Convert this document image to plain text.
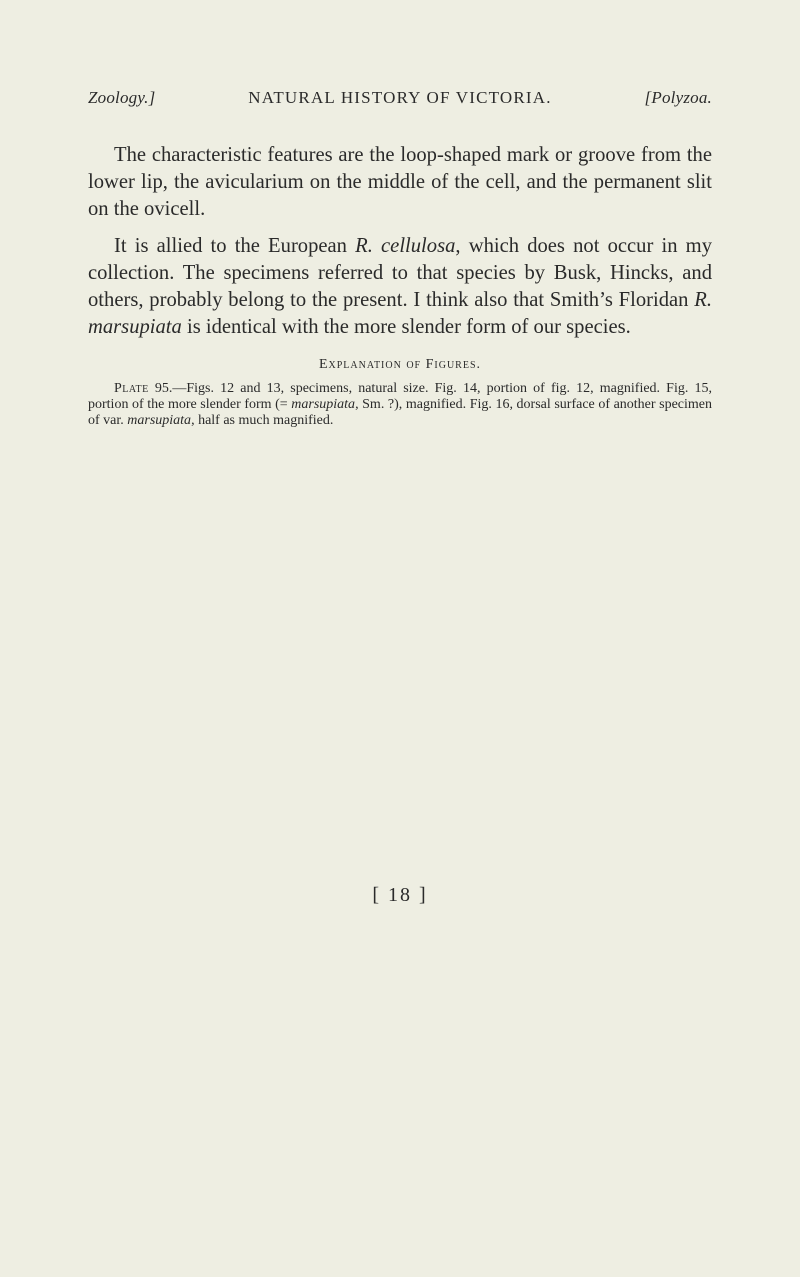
Zoology.]	NATURAL HISTORY OF VICTORIA.	[Polyzoa.

The characteristic features are the loop-shaped mark or groove from the lower lip, the avicularium on the middle of the cell, and the permanent slit on the ovicell.

It is allied to the European R. cellulosa, which does not occur in my collection. The specimens referred to that species by Busk, Hincks, and others, probably belong to the present. I think also that Smith’s Floridan R. marsupiata is identical with the more slender form of our species.

Explanation of Figures.
Plate 95.—Figs. 12 and 13, specimens, natural size. Fig. 14, portion of fig. 12, magnified. Fig. 15, portion of the more slender form (= marsupiata, Sm. ?), magnified. Fig. 16, dorsal surface of another specimen of var. marsupiata, half as much magnified.
[ 18 ]
